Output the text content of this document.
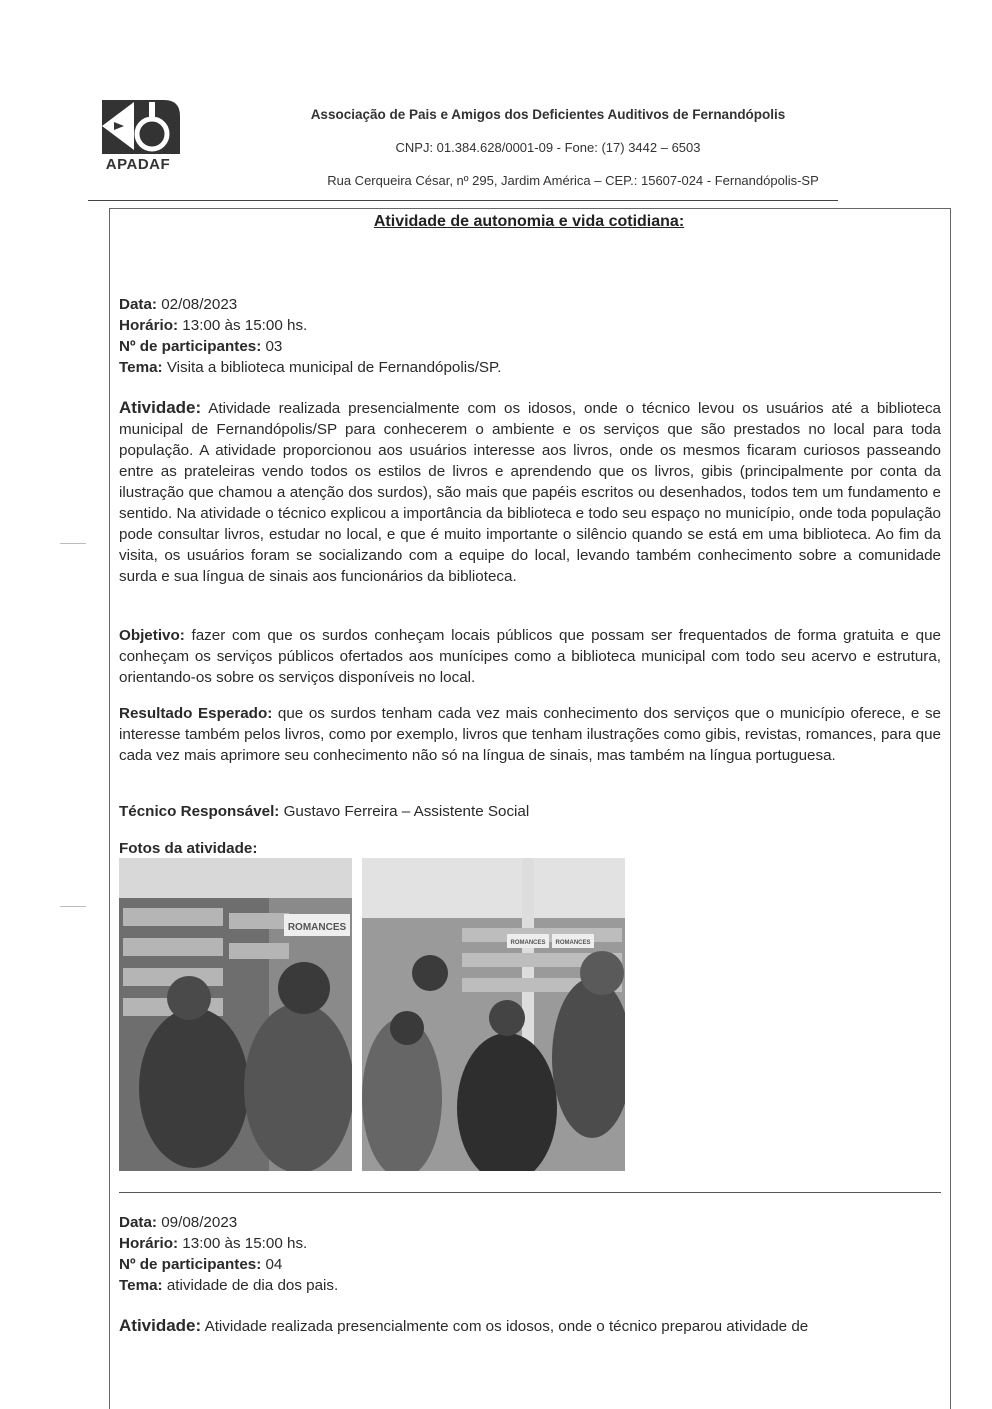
APADAF
Associação de Pais e Amigos dos Deficientes Auditivos de Fernandópolis
CNPJ: 01.384.628/0001-09 - Fone: (17) 3442 – 6503
Rua Cerqueira César, nº 295, Jardim América – CEP.: 15607-024 - Fernandópolis-SP
Atividade de autonomia e vida cotidiana:

Data: 02/08/2023

Horário: 13:00 às 15:00 hs.

Nº de participantes: 03

Tema: Visita a biblioteca municipal de Fernandópolis/SP.

Atividade: Atividade realizada presencialmente com os idosos, onde o técnico levou os usuários até a biblioteca municipal de Fernandópolis/SP para conhecerem o ambiente e os serviços que são prestados no local para toda população. A atividade proporcionou aos usuários interesse aos livros, onde os mesmos ficaram curiosos passeando entre as prateleiras vendo todos os estilos de livros e aprendendo que os livros, gibis (principalmente por conta da ilustração que chamou a atenção dos surdos), são mais que papéis escritos ou desenhados, todos tem um fundamento e sentido. Na atividade o técnico explicou a importância da biblioteca e todo seu espaço no município, onde toda população pode consultar livros, estudar no local, e que é muito importante o silêncio quando se está em uma biblioteca. Ao fim da visita, os usuários foram se socializando com a equipe do local, levando também conhecimento sobre a comunidade surda e sua língua de sinais aos funcionários da biblioteca.

Objetivo: fazer com que os surdos conheçam locais públicos que possam ser frequentados de forma gratuita e que conheçam os serviços públicos ofertados aos munícipes como a biblioteca municipal com todo seu acervo e estrutura, orientando-os sobre os serviços disponíveis no local.

Resultado Esperado: que os surdos tenham cada vez mais conhecimento dos serviços que o município oferece, e se interesse também pelos livros, como por exemplo, livros que tenham ilustrações como gibis, revistas, romances, para que cada vez mais aprimore seu conhecimento não só na língua de sinais, mas também na língua portuguesa.

Técnico Responsável: Gustavo Ferreira – Assistente Social

Fotos da atividade:

ROMANCES
ROMANCES ROMANCES

Data: 09/08/2023

Horário: 13:00 às 15:00 hs.

Nº de participantes: 04

Tema: atividade de dia dos pais.

Atividade: Atividade realizada presencialmente com os idosos, onde o técnico preparou atividade de
